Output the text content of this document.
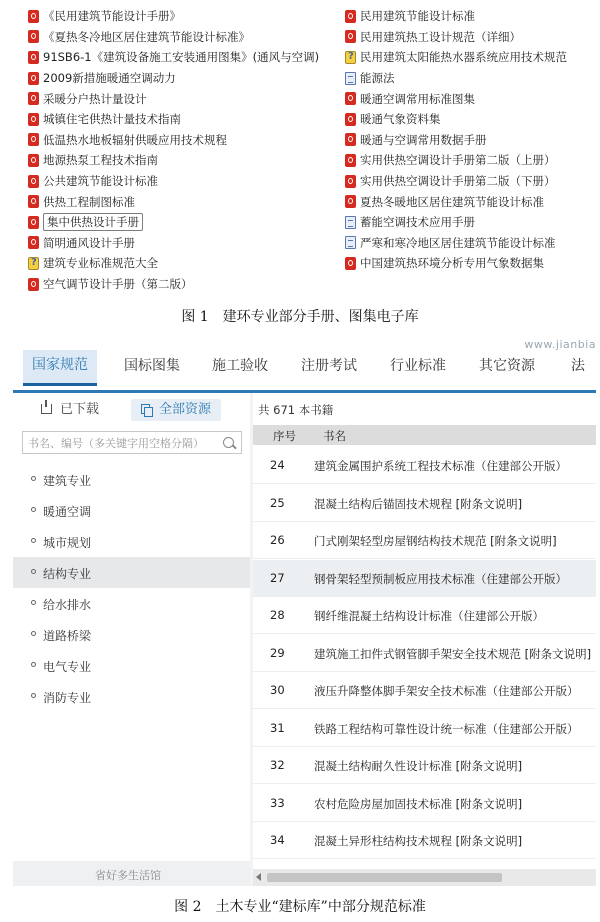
《民用建筑节能设计手册》
《夏热冬冷地区居住建筑节能设计标准》
91SB6-1《建筑设备施工安装通用图集》(通风与空调)
2009新措施暖通空调动力
采暖分户热计量设计
城镇住宅供热计量技术指南
低温热水地板辐射供暖应用技术规程
地源热泵工程技术指南
公共建筑节能设计标准
供热工程制图标准
集中供热设计手册
简明通风设计手册
?
建筑专业标准规范大全
空气调节设计手册（第二版）
民用建筑节能设计标准
民用建筑热工设计规范（详细）
?
民用建筑太阳能热水器系统应用技术规范
能源法
暖通空调常用标准图集
暖通气象资料集
暖通与空调常用数据手册
实用供热空调设计手册第二版（上册）
实用供热空调设计手册第二版（下册）
夏热冬暖地区居住建筑节能设计标准
蓄能空调技术应用手册
严寒和寒冷地区居住建筑节能设计标准
中国建筑热环境分析专用气象数据集
图 1　建环专业部分手册、图集电子库
国家规范	国标图集 施工验收 注册考试 行业标准 其它资源	法
www.jianbia
已下载	全部资源
书名、编号（多关键字用空格分隔）
建筑专业
暖通空调
城市规划
结构专业
给水排水
道路桥梁
电气专业
消防专业
省好多生活馆
共 671 本书籍
序号 书名
24	建筑金属围护系统工程技术标准（住建部公开版）
25	混凝土结构后锚固技术规程 [附条文说明]
26	门式刚架轻型房屋钢结构技术规范 [附条文说明]
27	钢骨架轻型预制板应用技术标准（住建部公开版）
28	钢纤维混凝土结构设计标准（住建部公开版）
29	建筑施工扣件式钢管脚手架安全技术规范 [附条文说明]
30	液压升降整体脚手架安全技术标准（住建部公开版）
31	铁路工程结构可靠性设计统一标准（住建部公开版）
32	混凝土结构耐久性设计标准 [附条文说明]
33	农村危险房屋加固技术标准 [附条文说明]
34	混凝土异形柱结构技术规程 [附条文说明]
图 2　土木专业“建标库”中部分规范标准
